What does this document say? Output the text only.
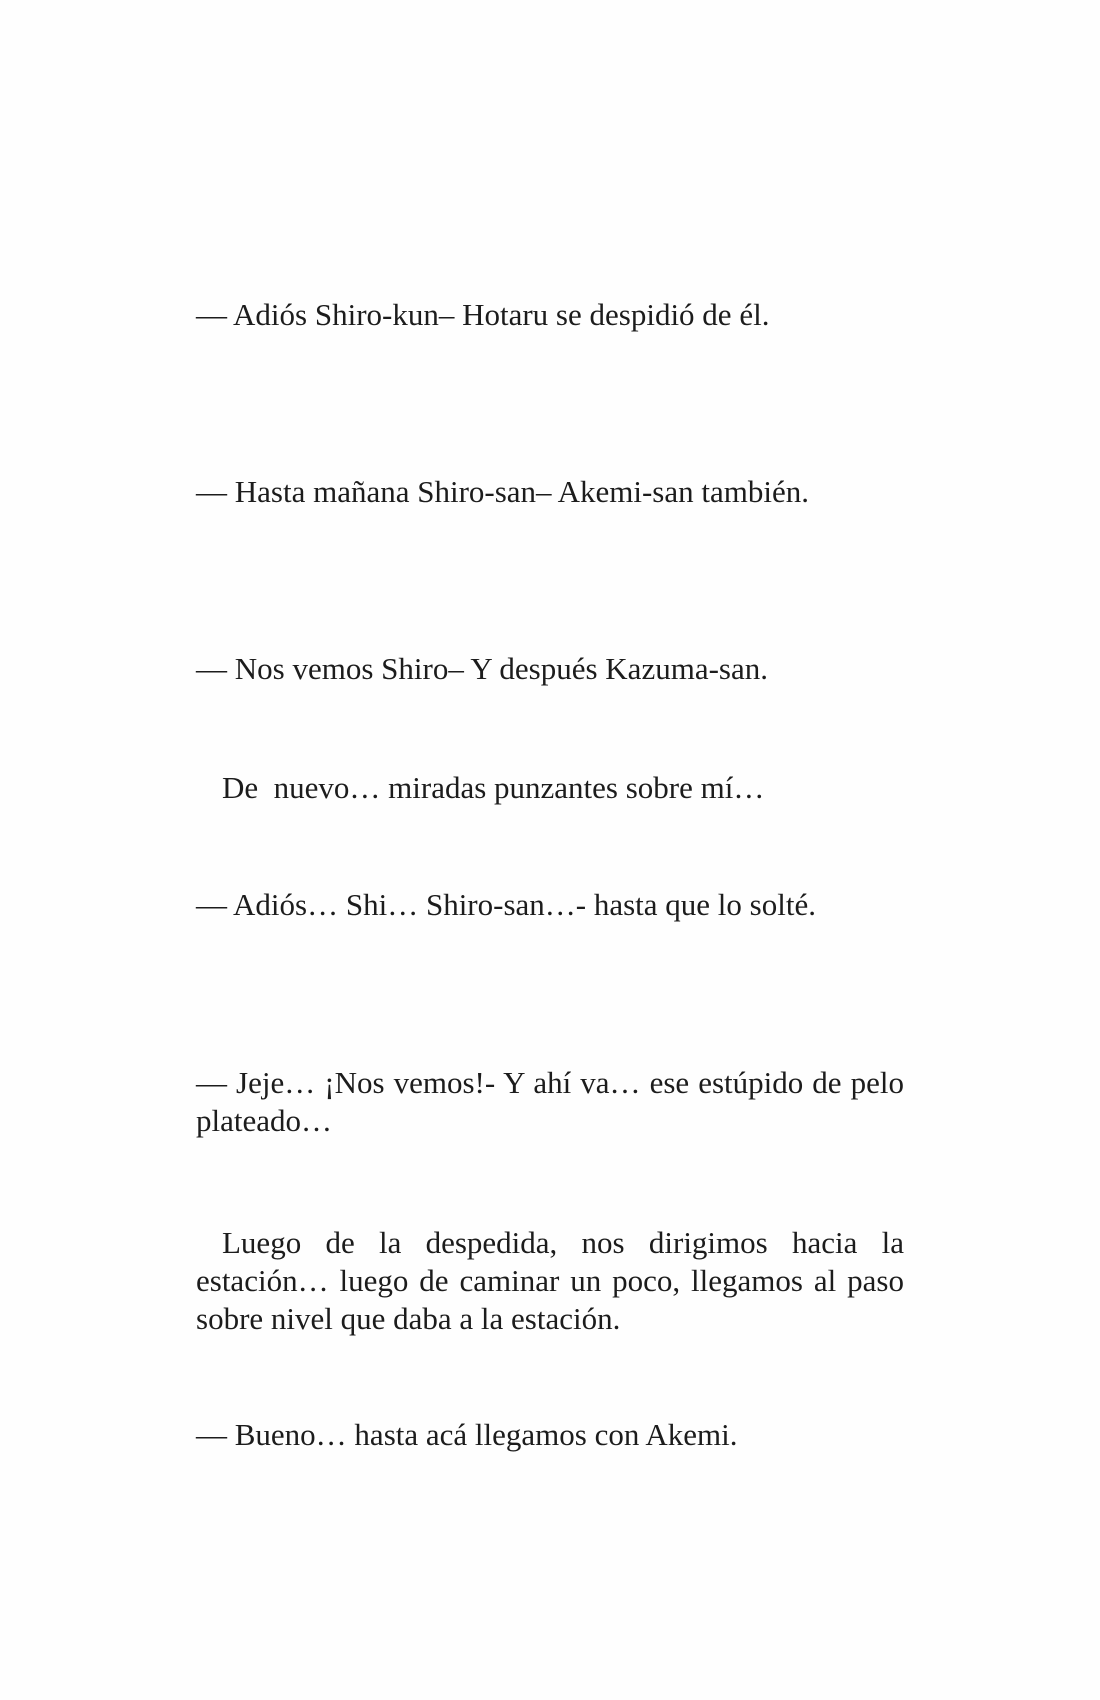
— Adiós Shiro-kun– Hotaru se despidió de él.

— Hasta mañana Shiro-san– Akemi-san también.

— Nos vemos Shiro– Y después Kazuma-san.

De  nuevo… miradas punzantes sobre mí…

— Adiós… Shi… Shiro-san…- hasta que lo solté.

— Jeje… ¡Nos vemos!- Y ahí va… ese estúpido de pelo plateado…

Luego de la despedida, nos dirigimos hacia la estación… luego de caminar un poco, llegamos al paso sobre nivel que daba a la estación.

— Bueno… hasta acá llegamos con Akemi.
